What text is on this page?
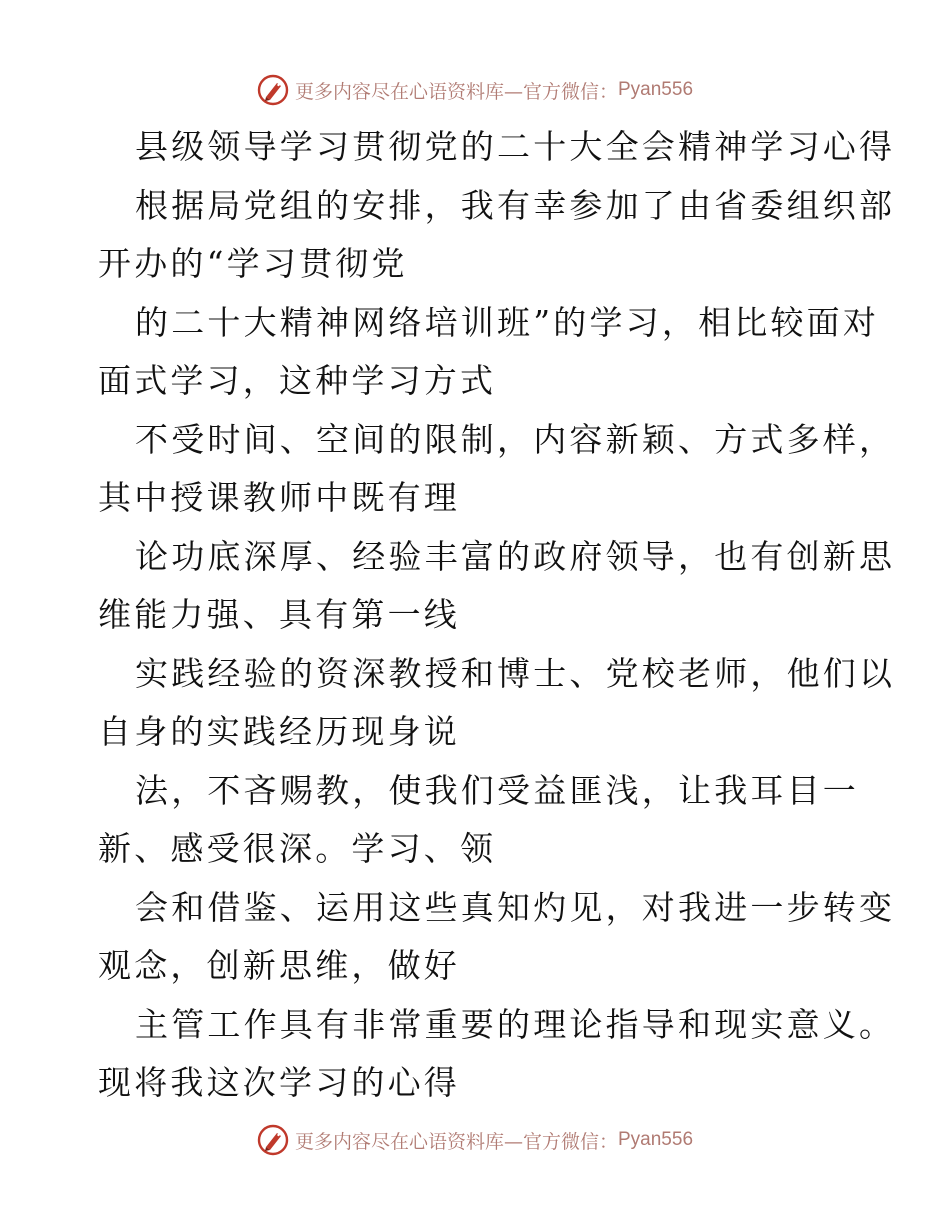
更多内容尽在心语资料库—官方微信： Pyan556
县级领导学习贯彻党的二十大全会精神学习心得
根据局党组的安排，我有幸参加了由省委组织部
开办的“学习贯彻党
的二十大精神网络培训班”的学习，相比较面对
面式学习，这种学习方式
不受时间、空间的限制，内容新颖、方式多样，
其中授课教师中既有理
论功底深厚、经验丰富的政府领导，也有创新思
维能力强、具有第一线
实践经验的资深教授和博士、党校老师，他们以
自身的实践经历现身说
法，不吝赐教，使我们受益匪浅，让我耳目一
新、感受很深。学习、领
会和借鉴、运用这些真知灼见，对我进一步转变
观念，创新思维，做好
主管工作具有非常重要的理论指导和现实意义。
现将我这次学习的心得
更多内容尽在心语资料库—官方微信： Pyan556
